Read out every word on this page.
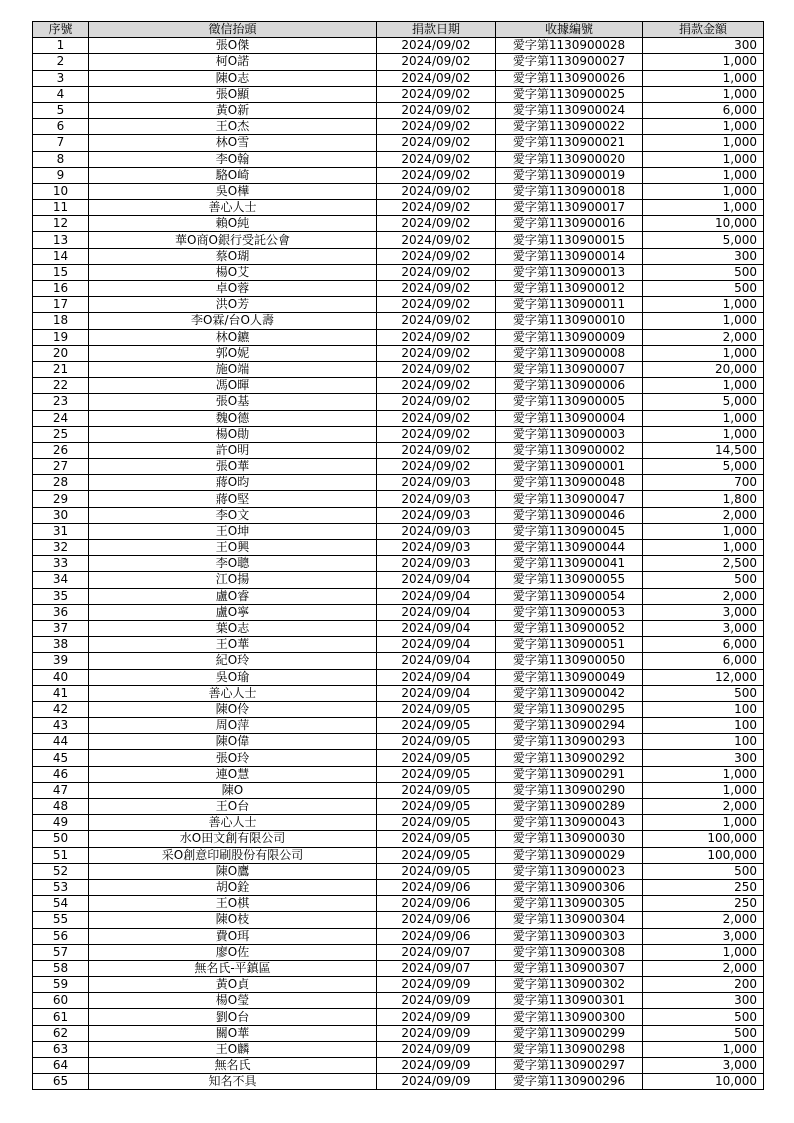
序號	徵信抬頭	捐款日期	收據編號	捐款金額
1	張O傑	2024/09/02	愛字第1130900028	300
2	柯O諾	2024/09/02	愛字第1130900027	1,000
3	陳O志	2024/09/02	愛字第1130900026	1,000
4	張O顯	2024/09/02	愛字第1130900025	1,000
5	黃O新	2024/09/02	愛字第1130900024	6,000
6	王O杰	2024/09/02	愛字第1130900022	1,000
7	林O雪	2024/09/02	愛字第1130900021	1,000
8	李O翰	2024/09/02	愛字第1130900020	1,000
9	駱O崎	2024/09/02	愛字第1130900019	1,000
10	吳O樺	2024/09/02	愛字第1130900018	1,000
11	善心人士	2024/09/02	愛字第1130900017	1,000
12	賴O純	2024/09/02	愛字第1130900016	10,000
13	華O商O銀行受託公會	2024/09/02	愛字第1130900015	5,000
14	蔡O瑚	2024/09/02	愛字第1130900014	300
15	楊O艾	2024/09/02	愛字第1130900013	500
16	卓O蓉	2024/09/02	愛字第1130900012	500
17	洪O芳	2024/09/02	愛字第1130900011	1,000
18	李O霖/台O人壽	2024/09/02	愛字第1130900010	1,000
19	林O鑣	2024/09/02	愛字第1130900009	2,000
20	郭O妮	2024/09/02	愛字第1130900008	1,000
21	施O端	2024/09/02	愛字第1130900007	20,000
22	馮O暉	2024/09/02	愛字第1130900006	1,000
23	張O基	2024/09/02	愛字第1130900005	5,000
24	魏O德	2024/09/02	愛字第1130900004	1,000
25	楊O勛	2024/09/02	愛字第1130900003	1,000
26	許O明	2024/09/02	愛字第1130900002	14,500
27	張O華	2024/09/02	愛字第1130900001	5,000
28	蔣O昀	2024/09/03	愛字第1130900048	700
29	蔣O堅	2024/09/03	愛字第1130900047	1,800
30	李O文	2024/09/03	愛字第1130900046	2,000
31	王O坤	2024/09/03	愛字第1130900045	1,000
32	王O興	2024/09/03	愛字第1130900044	1,000
33	李O聰	2024/09/03	愛字第1130900041	2,500
34	江O揚	2024/09/04	愛字第1130900055	500
35	盧O睿	2024/09/04	愛字第1130900054	2,000
36	盧O寧	2024/09/04	愛字第1130900053	3,000
37	葉O志	2024/09/04	愛字第1130900052	3,000
38	王O華	2024/09/04	愛字第1130900051	6,000
39	紀O玲	2024/09/04	愛字第1130900050	6,000
40	吳O瑜	2024/09/04	愛字第1130900049	12,000
41	善心人士	2024/09/04	愛字第1130900042	500
42	陳O伶	2024/09/05	愛字第1130900295	100
43	周O萍	2024/09/05	愛字第1130900294	100
44	陳O偉	2024/09/05	愛字第1130900293	100
45	張O玲	2024/09/05	愛字第1130900292	300
46	連O慧	2024/09/05	愛字第1130900291	1,000
47	陳O	2024/09/05	愛字第1130900290	1,000
48	王O台	2024/09/05	愛字第1130900289	2,000
49	善心人士	2024/09/05	愛字第1130900043	1,000
50	水O田文創有限公司	2024/09/05	愛字第1130900030	100,000
51	采O創意印刷股份有限公司	2024/09/05	愛字第1130900029	100,000
52	陳O鷹	2024/09/05	愛字第1130900023	500
53	胡O銓	2024/09/06	愛字第1130900306	250
54	王O棋	2024/09/06	愛字第1130900305	250
55	陳O枝	2024/09/06	愛字第1130900304	2,000
56	費O珥	2024/09/06	愛字第1130900303	3,000
57	廖O佐	2024/09/07	愛字第1130900308	1,000
58	無名氏-平鎮區	2024/09/07	愛字第1130900307	2,000
59	黃O貞	2024/09/09	愛字第1130900302	200
60	楊O瑩	2024/09/09	愛字第1130900301	300
61	劉O台	2024/09/09	愛字第1130900300	500
62	關O華	2024/09/09	愛字第1130900299	500
63	王O麟	2024/09/09	愛字第1130900298	1,000
64	無名氏	2024/09/09	愛字第1130900297	3,000
65	知名不具	2024/09/09	愛字第1130900296	10,000
